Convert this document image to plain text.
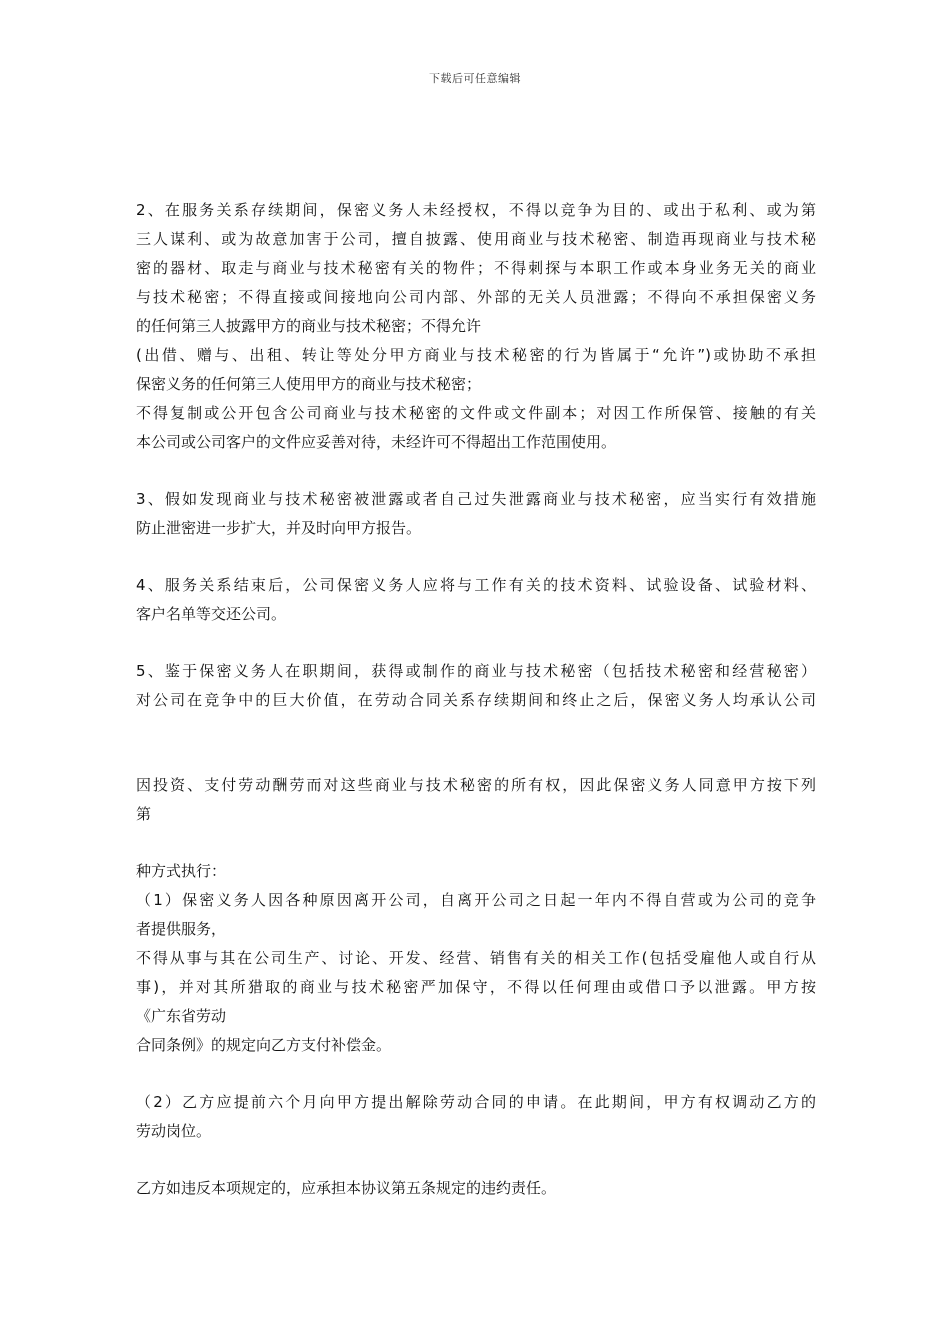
下载后可任意编辑
2、在服务关系存续期间，保密义务人未经授权，不得以竞争为目的、或出于私利、或为第
三人谋利、或为故意加害于公司，擅自披露、使用商业与技术秘密、制造再现商业与技术秘
密的器材、取走与商业与技术秘密有关的物件；不得刺探与本职工作或本身业务无关的商业
与技术秘密；不得直接或间接地向公司内部、外部的无关人员泄露；不得向不承担保密义务
的任何第三人披露甲方的商业与技术秘密；不得允许
(出借、赠与、出租、转让等处分甲方商业与技术秘密的行为皆属于“允许”)或协助不承担
保密义务的任何第三人使用甲方的商业与技术秘密；
不得复制或公开包含公司商业与技术秘密的文件或文件副本；对因工作所保管、接触的有关
本公司或公司客户的文件应妥善对待，未经许可不得超出工作范围使用。
3、假如发现商业与技术秘密被泄露或者自己过失泄露商业与技术秘密，应当实行有效措施
防止泄密进一步扩大，并及时向甲方报告。
4、服务关系结束后，公司保密义务人应将与工作有关的技术资料、试验设备、试验材料、
客户名单等交还公司。
5、鉴于保密义务人在职期间，获得或制作的商业与技术秘密（包括技术秘密和经营秘密）
对公司在竞争中的巨大价值，在劳动合同关系存续期间和终止之后，保密义务人均承认公司
因投资、支付劳动酬劳而对这些商业与技术秘密的所有权，因此保密义务人同意甲方按下列
第
种方式执行：
（1）保密义务人因各种原因离开公司，自离开公司之日起一年内不得自营或为公司的竞争
者提供服务，
不得从事与其在公司生产、讨论、开发、经营、销售有关的相关工作(包括受雇他人或自行从
事)，并对其所猎取的商业与技术秘密严加保守，不得以任何理由或借口予以泄露。甲方按
《广东省劳动
合同条例》的规定向乙方支付补偿金。
（2）乙方应提前六个月向甲方提出解除劳动合同的申请。在此期间，甲方有权调动乙方的
劳动岗位。
乙方如违反本项规定的，应承担本协议第五条规定的违约责任。
